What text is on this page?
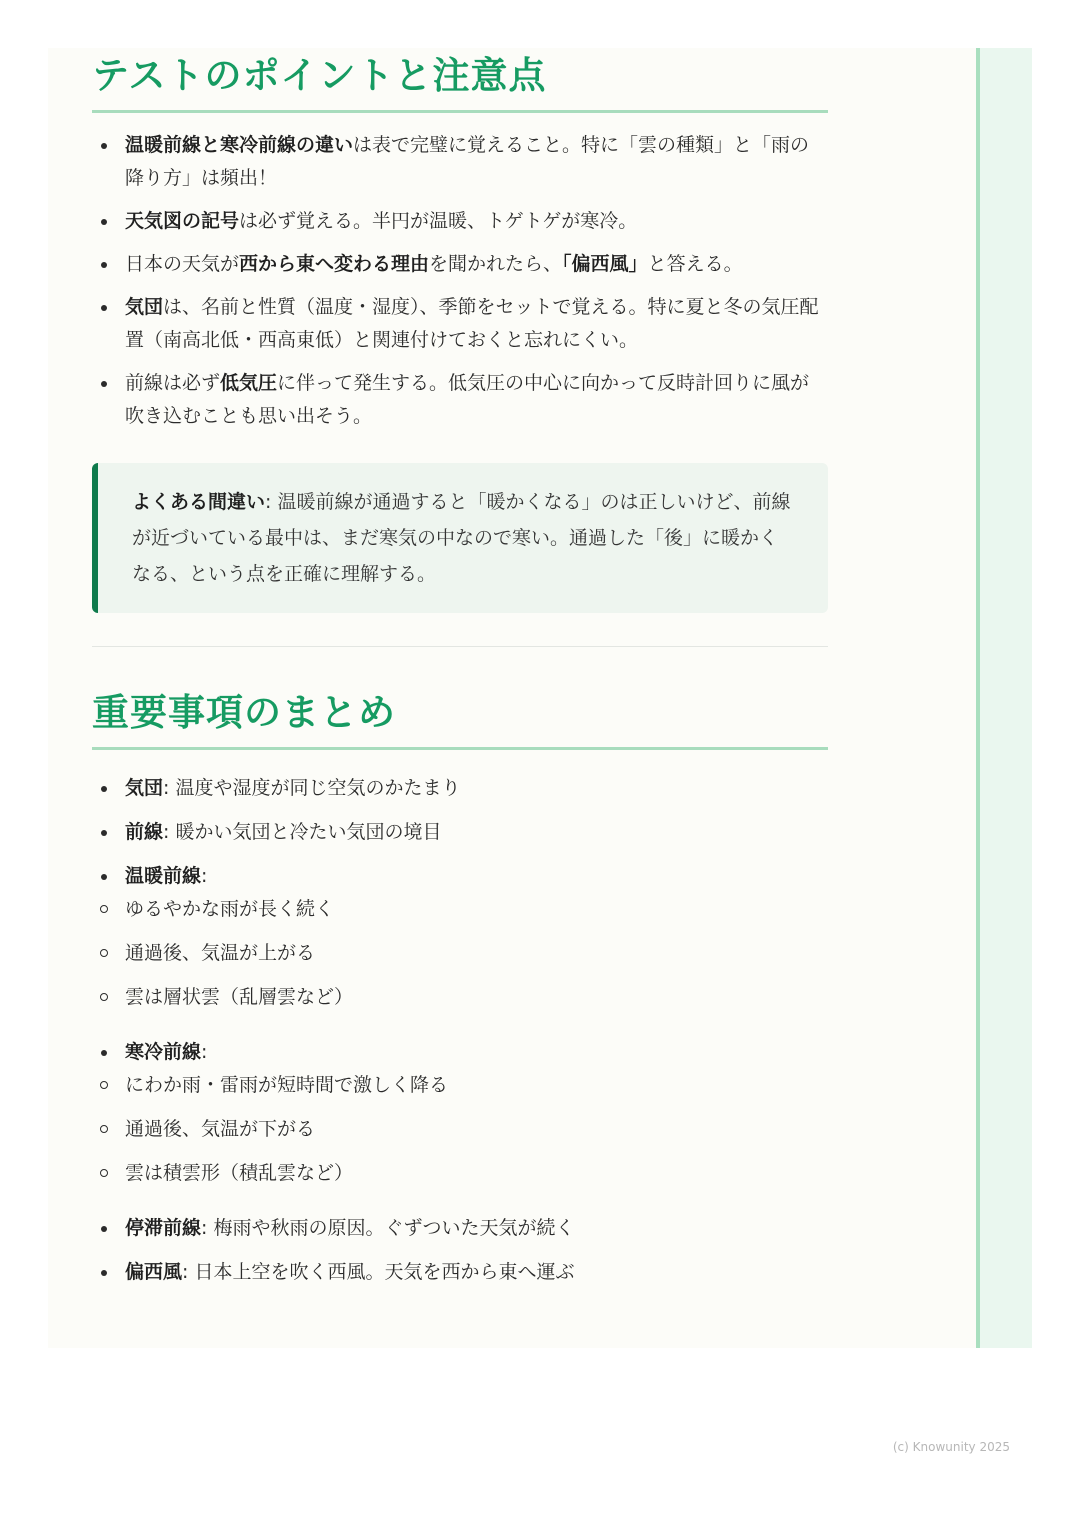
テストのポイントと注意点
温暖前線と寒冷前線の違いは表で完璧に覚えること。特に「雲の種類」と「雨の降り方」は頻出！
天気図の記号は必ず覚える。半円が温暖、トゲトゲが寒冷。
日本の天気が西から東へ変わる理由を聞かれたら、「偏西風」と答える。
気団は、名前と性質（温度・湿度）、季節をセットで覚える。特に夏と冬の気圧配置（南高北低・西高東低）と関連付けておくと忘れにくい。
前線は必ず低気圧に伴って発生する。低気圧の中心に向かって反時計回りに風が吹き込むことも思い出そう。
よくある間違い: 温暖前線が通過すると「暖かくなる」のは正しいけど、前線が近づいている最中は、まだ寒気の中なので寒い。通過した「後」に暖かくなる、という点を正確に理解する。
重要事項のまとめ
気団: 温度や湿度が同じ空気のかたまり
前線: 暖かい気団と冷たい気団の境目
温暖前線:
ゆるやかな雨が長く続く
通過後、気温が上がる
雲は層状雲（乱層雲など）
寒冷前線:
にわか雨・雷雨が短時間で激しく降る
通過後、気温が下がる
雲は積雲形（積乱雲など）
停滞前線: 梅雨や秋雨の原因。ぐずついた天気が続く
偏西風: 日本上空を吹く西風。天気を西から東へ運ぶ
(c) Knowunity 2025
